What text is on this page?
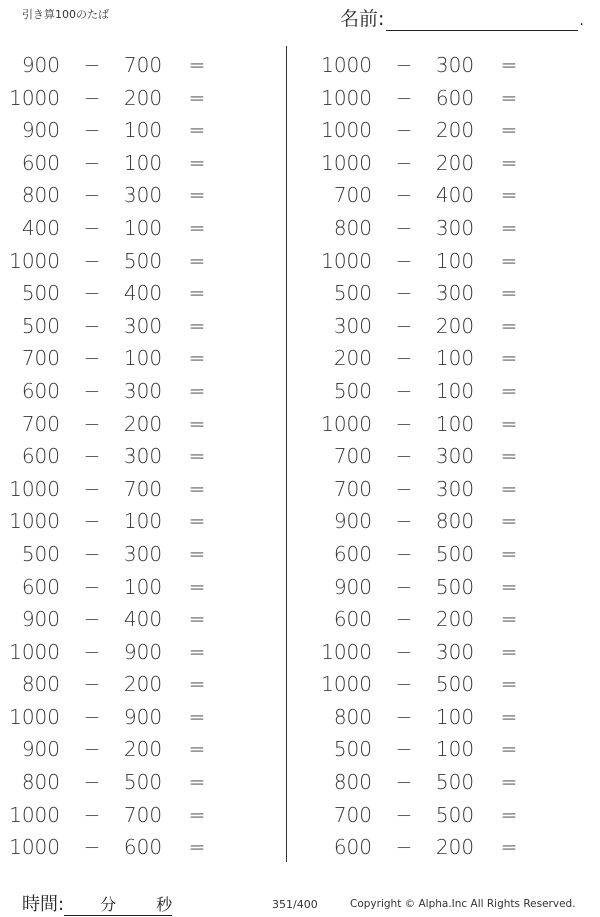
引き算100のたば	名前:	.
900 − 700 =
1000 − 200 =
900 − 100 =
600 − 100 =
800 − 300 =
400 − 100 =
1000 − 500 =
500 − 400 =
500 − 300 =
700 − 100 =
600 − 300 =
700 − 200 =
600 − 300 =
1000 − 700 =
1000 − 100 =
500 − 300 =
600 − 100 =
900 − 400 =
1000 − 900 =
800 − 200 =
1000 − 900 =
900 − 200 =
800 − 500 =
1000 − 700 =
1000 − 600 =
1000 − 300 =
1000 − 600 =
1000 − 200 =
1000 − 200 =
700 − 400 =
800 − 300 =
1000 − 100 =
500 − 300 =
300 − 200 =
200 − 100 =
500 − 100 =
1000 − 100 =
700 − 300 =
700 − 300 =
900 − 800 =
600 − 500 =
900 − 500 =
600 − 200 =
1000 − 300 =
1000 − 500 =
800 − 100 =
500 − 100 =
800 − 500 =
700 − 500 =
600 − 200 =
時間: 分 秒	351/400	Copyright © Alpha.Inc All Rights Reserved.
